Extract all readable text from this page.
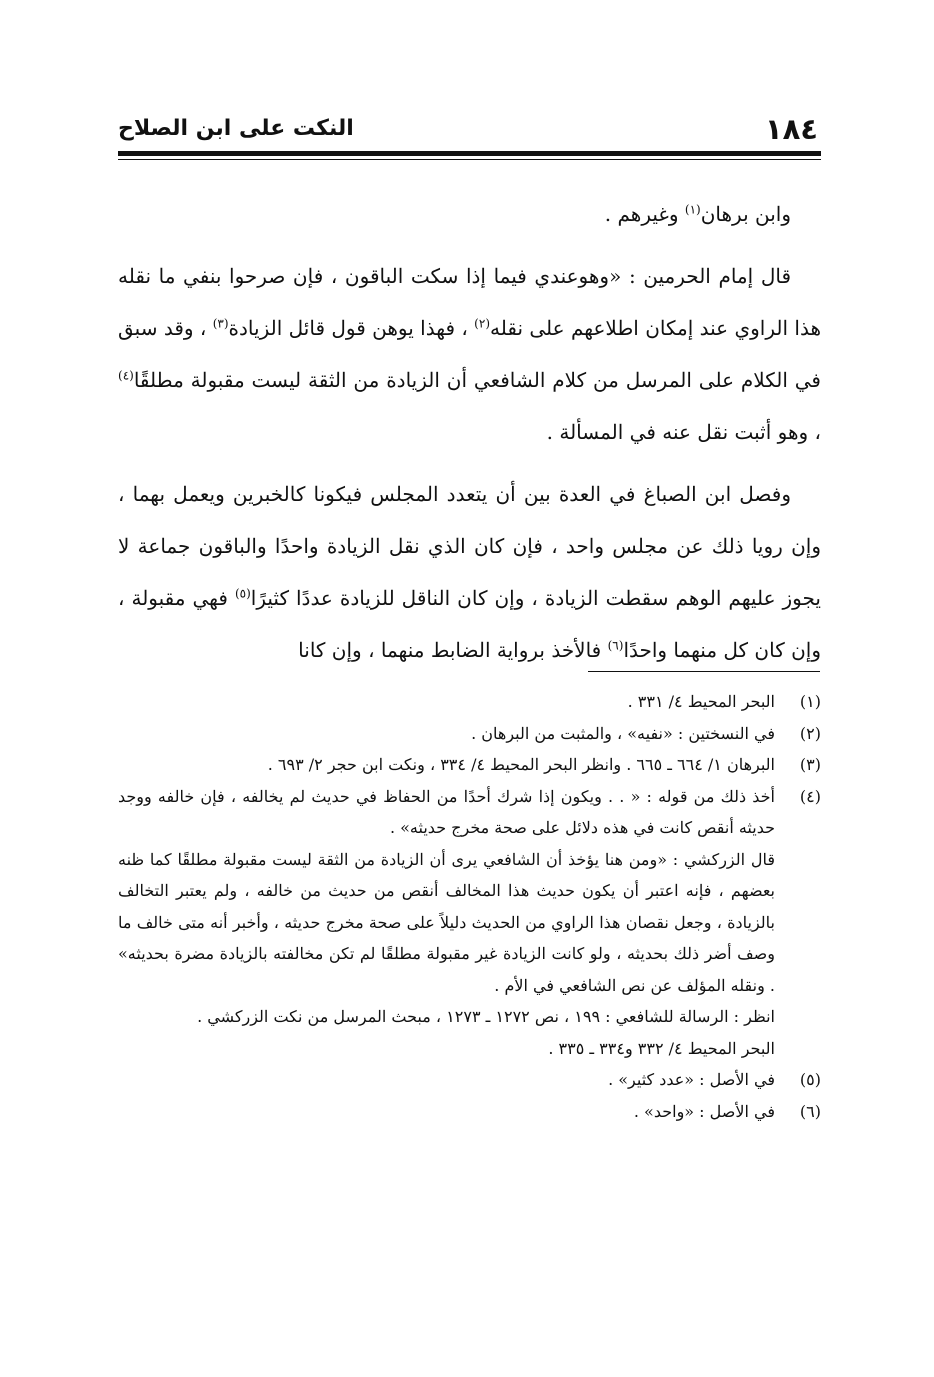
١٨٤
النكت على ابن الصلاح

وابن برهان$^{(١)}$ وغيرهم .

قال إمام الحرمين : «وهوعندي فيما إذا سكت الباقون ، فإن صرحوا بنفي ما نقله هذا الراوي عند إمكان اطلاعهم على نقله$^{(٢)}$ ، فهذا يوهن قول قائل الزيادة$^{(٣)}$ ، وقد سبق في الكلام على المرسل من كلام الشافعي أن الزيادة من الثقة ليست مقبولة مطلقًا$^{(٤)}$ ، وهو أثبت نقل عنه في المسألة .

وفصل ابن الصباغ في العدة بين أن يتعدد المجلس فيكونا كالخبرين ويعمل بهما ، وإن رويا ذلك عن مجلس واحد ، فإن كان الذي نقل الزيادة واحدًا والباقون جماعة لا يجوز عليهم الوهم سقطت الزيادة ، وإن كان الناقل للزيادة عددًا كثيرًا$^{(٥)}$ فهي مقبولة ، وإن كان كل منهما واحدًا$^{(٦)}$ فالأخذ برواية الضابط منهما ، وإن كانا

(١)
البحر المحيط ٤/ ٣٣١ .
(٢)
في النسختين : «نفيه» ، والمثبت من البرهان .
(٣)
البرهان ١/ ٦٦٤ ـ ٦٦٥ . وانظر البحر المحيط ٤/ ٣٣٤ ، ونكت ابن حجر ٢/ ٦٩٣ .
(٤)
أخذ ذلك من قوله : « . . ويكون إذا شرك أحدًا من الحفاظ في حديث لم يخالفه ، فإن خالفه ووجد حديثه أنقص كانت في هذه دلائل على صحة مخرج حديثه» .
قال الزركشي : «ومن هنا يؤخذ أن الشافعي يرى أن الزيادة من الثقة ليست مقبولة مطلقًا كما ظنه بعضهم ، فإنه اعتبر أن يكون حديث هذا المخالف أنقص من حديث من خالفه ، ولم يعتبر التخالف بالزيادة ، وجعل نقصان هذا الراوي من الحديث دليلاً على صحة مخرج حديثه ، وأخبر أنه متى خالف ما وصف أضر ذلك بحديثه ، ولو كانت الزيادة غير مقبولة مطلقًا لم تكن مخالفته بالزيادة مضرة بحديثه» . ونقله المؤلف عن نص الشافعي في الأم .
انظر : الرسالة للشافعي : ١٩٩ ، نص ١٢٧٢ ـ ١٢٧٣ ، مبحث المرسل من نكت الزركشي .
البحر المحيط ٤/ ٣٣٢ و٣٣٤ ـ ٣٣٥ .
(٥)
في الأصل : «عدد كثير» .
(٦)
في الأصل : «واحد» .
